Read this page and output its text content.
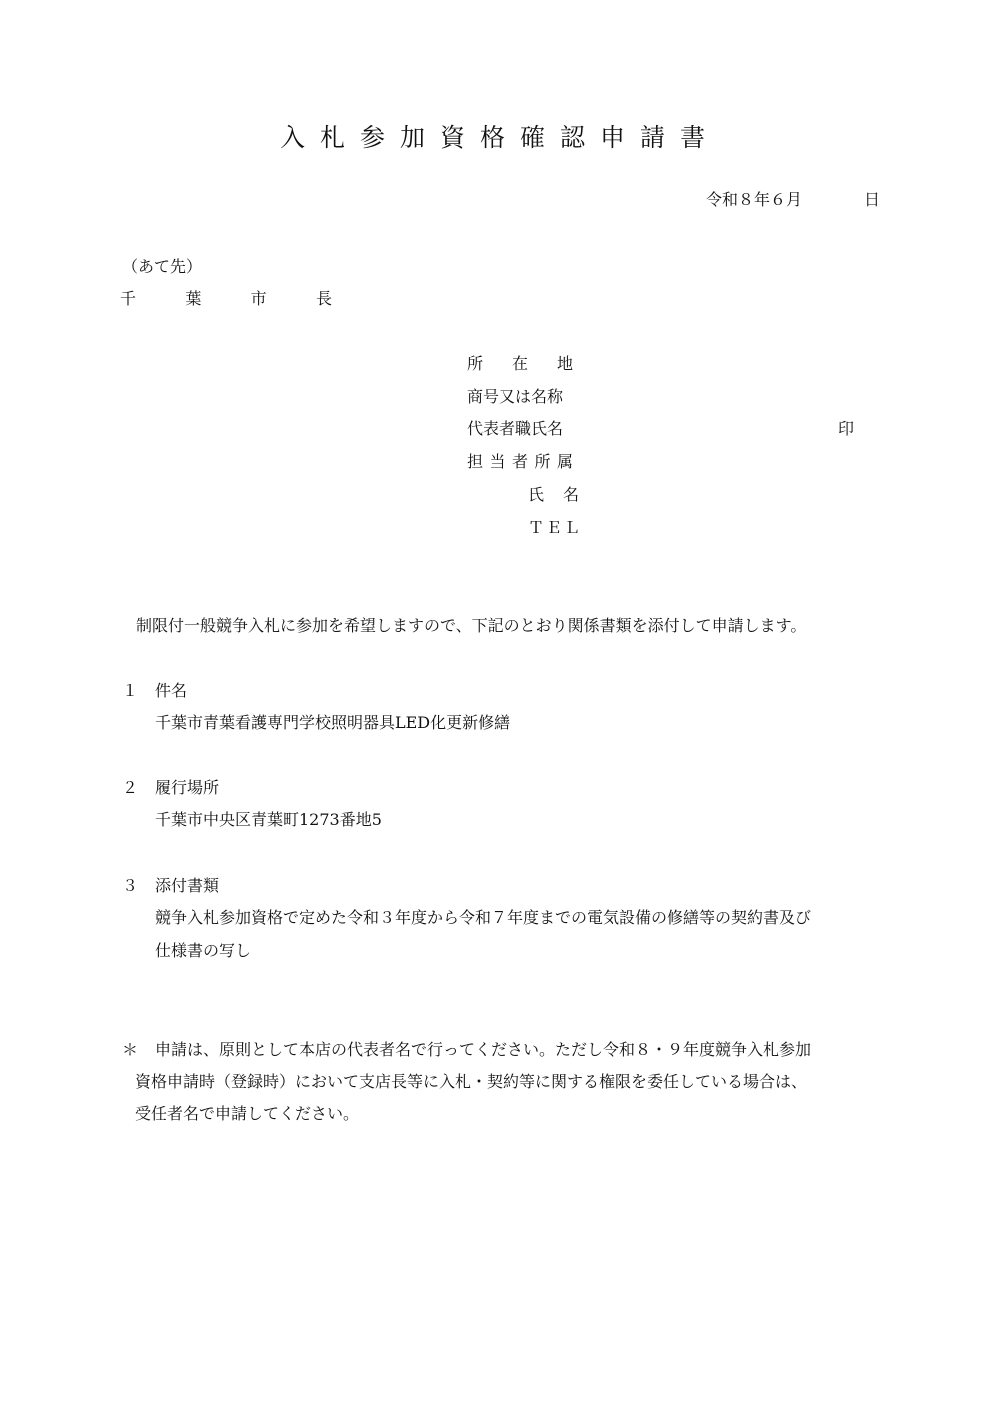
入札参加資格確認申請書
令和８年６月	日
（あて先）
千	葉	市	長
所 在 地
商号又は名称
代表者職氏名	印
担 当 者 所 属
氏 名
ＴＥＬ
制限付一般競争入札に参加を希望しますので、下記のとおり関係書類を添付して申請します。
１ 件名
千葉市青葉看護専門学校照明器具LED化更新修繕
２ 履行場所
千葉市中央区青葉町1273番地5
３ 添付書類
競争入札参加資格で定めた令和３年度から令和７年度までの電気設備の修繕等の契約書及び
仕様書の写し
＊ 申請は、原則として本店の代表者名で行ってください。ただし令和８・９年度競争入札参加
資格申請時（登録時）において支店長等に入札・契約等に関する権限を委任している場合は、
受任者名で申請してください。
